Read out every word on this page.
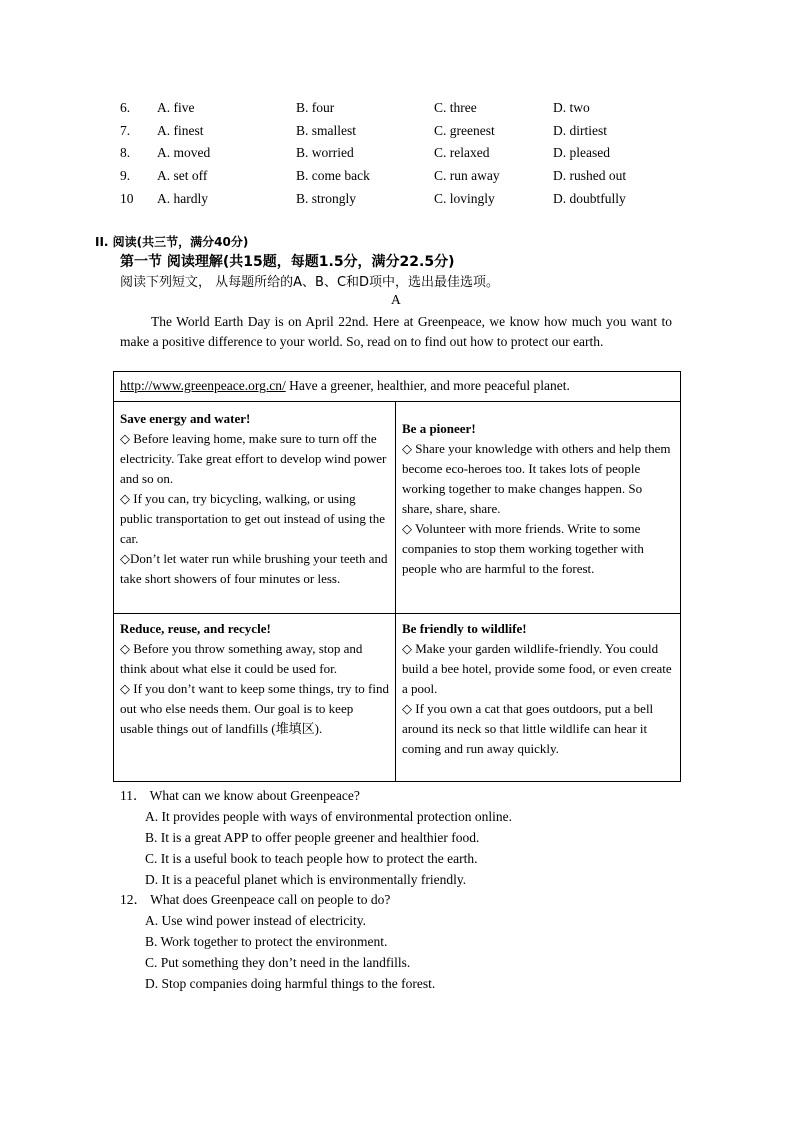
6. A. five	B. four	C. three	D. two
7. A. finest	B. smallest	C. greenest	D. dirtiest
8. A. moved	B. worried	C. relaxed	D. pleased
9. A. set off	B. come back	C. run away	D. rushed out
10 A. hardly	B. strongly	C. lovingly	D. doubtfully
II. 阅读(共三节，满分40分)
第一节 阅读理解(共15题，每题1.5分，满分22.5分)
阅读下列短文， 从每题所给的A、B、C和D项中，选出最佳选项。
A

The World Earth Day is on April 22nd. Here at Greenpeace, we know how much you want to make a positive difference to your world. So, read on to find out how to protect our earth.

http://www.greenpeace.org.cn/ Have a greener, healthier, and more peaceful planet.
Save energy and water!

◇ Before leaving home, make sure to turn off the electricity. Take great effort to develop wind power and so on.

◇ If you can, try bicycling, walking, or using public transportation to get out instead of using the car.

◇Don’t let water run while brushing your teeth and take short showers of four minutes or less.

Be a pioneer!

◇ Share your knowledge with others and help them become eco-heroes too. It takes lots of people working together to make changes happen. So share, share, share.

◇ Volunteer with more friends. Write to some companies to stop them working together with people who are harmful to the forest.

Reduce, reuse, and recycle!

◇ Before you throw something away, stop and think about what else it could be used for.

◇ If you don’t want to keep some things, try to find out who else needs them. Our goal is to keep usable things out of landfills (堆填区).

Be friendly to wildlife!

◇ Make your garden wildlife-friendly. You could build a bee hotel, provide some food, or even create a pool.

◇ If you own a cat that goes outdoors, put a bell around its neck so that little wildlife can hear it coming and run away quickly.

11． What can we know about Greenpeace?
A. It provides people with ways of environmental protection online.
B. It is a great APP to offer people greener and healthier food.
C. It is a useful book to teach people how to protect the earth.
D. It is a peaceful planet which is environmentally friendly.
12． What does Greenpeace call on people to do?
A. Use wind power instead of electricity.
B. Work together to protect the environment.
C. Put something they don’t need in the landfills.
D. Stop companies doing harmful things to the forest.
